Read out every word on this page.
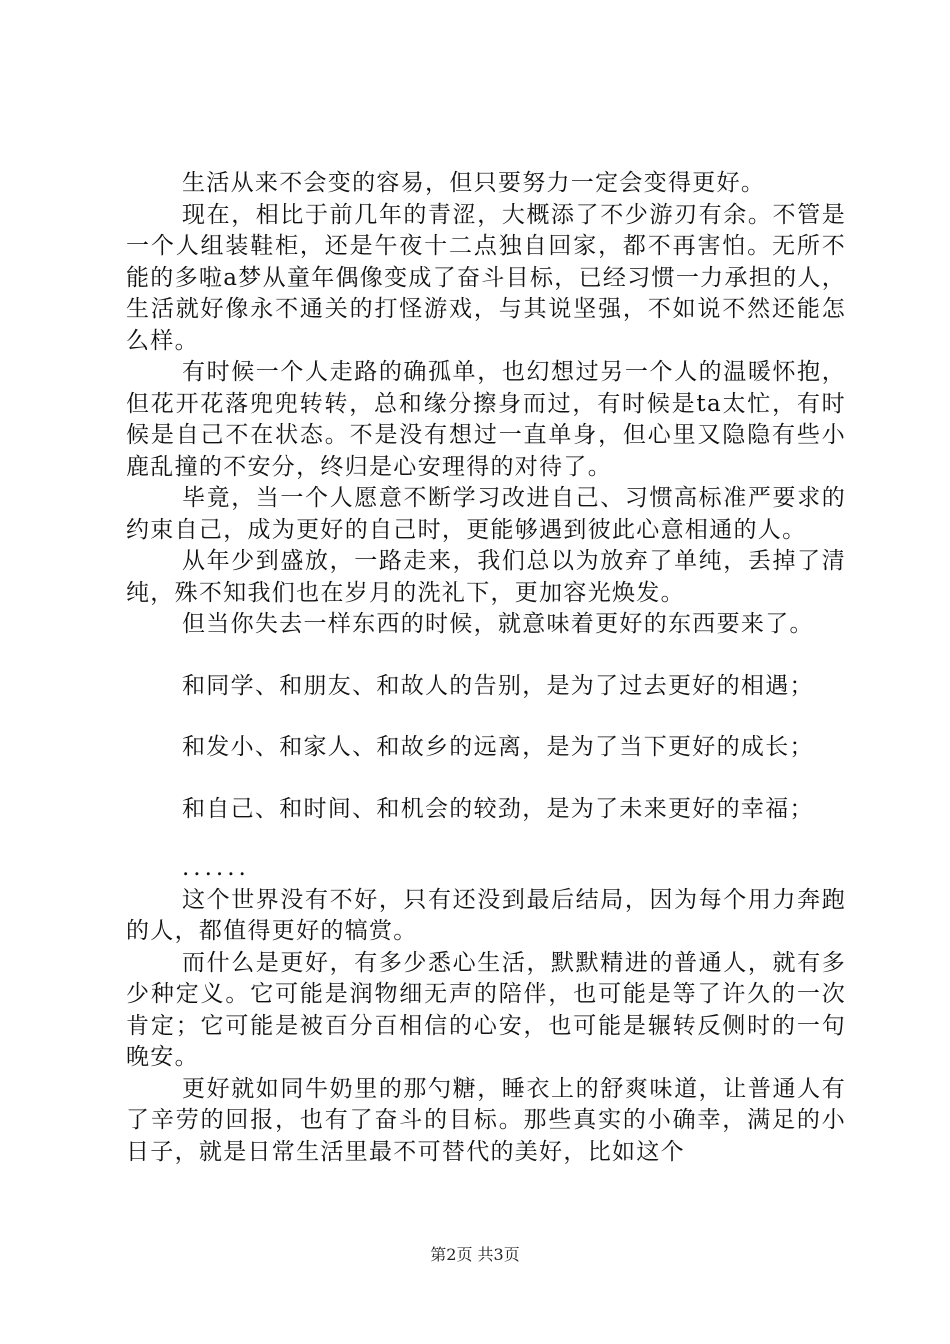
生活从来不会变的容易，但只要努力一定会变得更好。

现在，相比于前几年的青涩，大概添了不少游刃有余。不管是一个人组装鞋柜，还是午夜十二点独自回家，都不再害怕。无所不能的多啦a梦从童年偶像变成了奋斗目标，已经习惯一力承担的人，生活就好像永不通关的打怪游戏，与其说坚强，不如说不然还能怎么样。

有时候一个人走路的确孤单，也幻想过另一个人的温暖怀抱，但花开花落兜兜转转，总和缘分擦身而过，有时候是ta太忙，有时候是自己不在状态。不是没有想过一直单身，但心里又隐隐有些小鹿乱撞的不安分，终归是心安理得的对待了。

毕竟，当一个人愿意不断学习改进自己、习惯高标准严要求的约束自己，成为更好的自己时，更能够遇到彼此心意相通的人。

从年少到盛放，一路走来，我们总以为放弃了单纯，丢掉了清纯，殊不知我们也在岁月的洗礼下，更加容光焕发。

但当你失去一样东西的时候，就意味着更好的东西要来了。

和同学、和朋友、和故人的告别，是为了过去更好的相遇；

和发小、和家人、和故乡的远离，是为了当下更好的成长；

和自己、和时间、和机会的较劲，是为了未来更好的幸福；

......

这个世界没有不好，只有还没到最后结局，因为每个用力奔跑的人，都值得更好的犒赏。

而什么是更好，有多少悉心生活，默默精进的普通人，就有多少种定义。它可能是润物细无声的陪伴，也可能是等了许久的一次肯定；它可能是被百分百相信的心安，也可能是辗转反侧时的一句晚安。

更好就如同牛奶里的那勺糖，睡衣上的舒爽味道，让普通人有了辛劳的回报，也有了奋斗的目标。那些真实的小确幸，满足的小日子，就是日常生活里最不可替代的美好，比如这个

第2页 共3页
